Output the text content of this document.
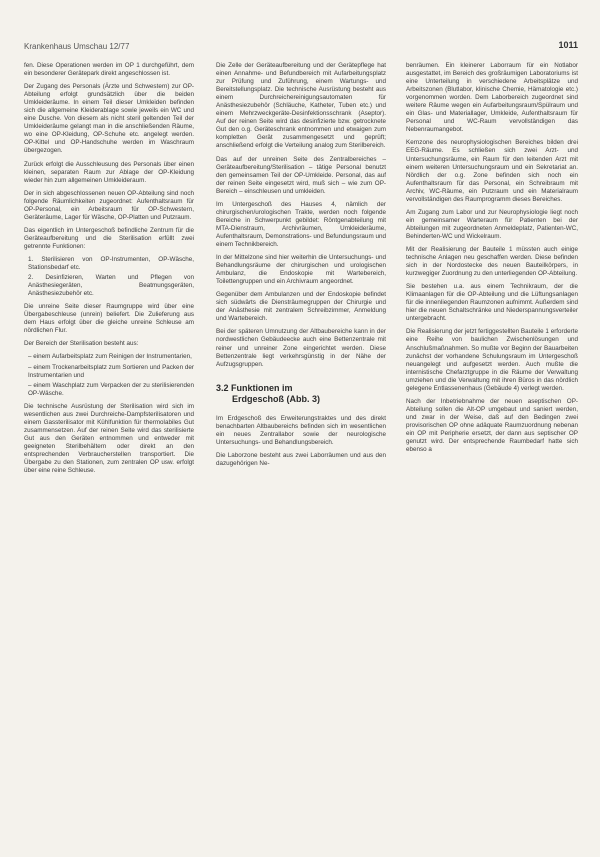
Krankenhaus Umschau 12/77	1011

fen. Diese Operationen werden im OP 1 durchgeführt, dem ein besonderer Gerätepark direkt angeschlossen ist.

Der Zugang des Personals (Ärzte und Schwestern) zur OP-Abteilung erfolgt grundsätzlich über die beiden Umkleideräume. In einem Teil dieser Umkleiden befinden sich die allgemeine Kleiderablage sowie jeweils ein WC und eine Dusche. Von diesem als nicht steril geltenden Teil der Umkleideräume gelangt man in die anschließenden Räume, wo eine OP-Kleidung, OP-Schuhe etc. angelegt werden. OP-Kittel und OP-Handschuhe werden im Waschraum übergezogen.

Zurück erfolgt die Ausschleusung des Personals über einen kleinen, separaten Raum zur Ablage der OP-Kleidung wieder hin zum allgemeinen Umkleideraum.

Der in sich abgeschlossenen neuen OP-Abteilung sind noch folgende Räumlichkeiten zugeordnet: Aufenthaltsraum für OP-Personal, ein Arbeitsraum für OP-Schwestern, Geräteräume, Lager für Wäsche, OP-Platten und Putzraum.

Das eigentlich im Untergeschoß befindliche Zentrum für die Geräteaufbereitung und die Sterilisation erfüllt zwei getrennte Funktionen:

1. Sterilisieren von OP-Instrumenten, OP-Wäsche, Stationsbedarf etc.
2. Desinfizieren, Warten und Pflegen von Anästhesiegeräten, Beatmungsgeräten, Anästhesiezubehör etc.

Die unreine Seite dieser Raumgruppe wird über eine Übergabeschleuse (unrein) beliefert. Die Zulieferung aus dem Haus erfolgt über die gleiche unreine Schleuse am nördlichen Flur.

Der Bereich der Sterilisation besteht aus:

– einem Aufarbeitsplatz zum Reinigen der Instrumentarien,
– einem Trockenarbeitsplatz zum Sortieren und Packen der Instrumentarien und
– einem Waschplatz zum Verpacken der zu sterilisierenden OP-Wäsche.

Die technische Ausrüstung der Sterilisation wird sich im wesentlichen aus zwei Durchreiche-Dampfsterilisatoren und einem Gassterilisator mit Kühlfunktion für thermolabiles Gut zusammensetzen. Auf der reinen Seite wird das sterilisierte Gut aus den Geräten entnommen und entweder mit geeigneten Sterilbehältern oder direkt an den entsprechenden Verbraucherstellen transportiert. Die Übergabe zu den Stationen, zum zentralen OP usw. erfolgt über eine reine Schleuse.

Die Zelle der Geräteaufbereitung und der Gerätepflege hat einen Annahme- und Befundbereich mit Aufarbeitungsplatz zur Prüfung und Zuführung, einem Wartungs- und Bereitstellungsplatz. Die technische Ausrüstung besteht aus einem Durchreichereinigungsautomaten für Anästhesiezubehör (Schläuche, Katheter, Tuben etc.) und einem Mehrzweckgeräte-Desinfektionsschrank (Aseptor). Auf der reinen Seite wird das desinfizierte bzw. getrocknete Gut den o.g. Geräteschrank entnommen und etwaigen zum kompletten Gerät zusammengesetzt und geprüft; anschließend erfolgt die Verteilung analog zum Sterilbereich.

Das auf der unreinen Seite des Zentralbereiches – Geräteaufbereitung/Sterilisation – tätige Personal benutzt den gemeinsamen Teil der OP-Umkleide. Personal, das auf der reinen Seite eingesetzt wird, muß sich – wie zum OP-Bereich – einschleusen und umkleiden.

Im Untergeschoß des Hauses 4, nämlich der chirurgischen/urologischen Trakte, werden noch folgende Bereiche in Schwerpunkt gebildet: Röntgenabteilung mit MTA-Dienstraum, Archivräumen, Umkleideräume, Aufenthaltsraum, Demonstrations- und Befundungsraum und einem Technikbereich.

In der Mittelzone sind hier weiterhin die Untersuchungs- und Behandlungsräume der chirurgischen und urologischen Ambulanz, die Endoskopie mit Wartebereich, Toilettengruppen und ein Archivraum angeordnet.

Gegenüber dem Ambulanzen und der Endoskopie befindet sich südwärts die Diensträumegruppen der Chirurgie und der Anästhesie mit zentralem Schreibzimmer, Anmeldung und Wartebereich.

Bei der späteren Umnutzung der Altbaubereiche kann in der nordwestlichen Gebäudeecke auch eine Bettenzentrale mit reiner und unreiner Zone eingerichtet werden. Diese Bettenzentrale liegt verkehrsgünstig in der Nähe der Aufzugsgruppen.

3.2 Funktionen im
Erdgeschoß (Abb. 3)

Im Erdgeschoß des Erweiterungstraktes und des direkt benachbarten Altbaubereichs befinden sich im wesentlichen ein neues Zentrallabor sowie der neurologische Untersuchungs- und Behandlungsbereich.

Die Laborzone besteht aus zwei Laborräumen und aus den dazugehörigen Ne-

benräumen. Ein kleinerer Laborraum für ein Notlabor ausgestattet, im Bereich des großräumigen Laboratoriums ist eine Unterteilung in verschiedene Arbeitsplätze und Arbeitszonen (Blutlabor, klinische Chemie, Hämatologie etc.) vorgenommen worden. Dem Laborbereich zugeordnet sind weitere Räume wegen ein Aufarbeitungsraum/Spülraum und ein Glas- und Materiallager, Umkleide, Aufenthaltsraum für Personal und WC-Raum vervollständigen das Nebenraumangebot.

Kernzone des neurophysiologischen Bereiches bilden drei EEG-Räume. Es schließen sich zwei Arzt- und Untersuchungsräume, ein Raum für den leitenden Arzt mit einem weiteren Untersuchungsraum und ein Sekretariat an. Nördlich der o.g. Zone befinden sich noch ein Aufenthaltsraum für das Personal, ein Schreibraum mit Archiv, WC-Räume, ein Putzraum und ein Materialraum vervollständigen des Raumprogramm dieses Bereiches.

Am Zugang zum Labor und zur Neurophysiologie liegt noch ein gemeinsamer Warteraum für Patienten bei der Abteilungen mit zugeordneten Anmeldeplatz, Patienten-WC, Behinderten-WC und Wickelraum.

Mit der Realisierung der Bauteile 1 müssten auch einige technische Anlagen neu geschaffen werden. Diese befinden sich in der Nordostecke des neuen Bauteilkörpers, in kurzwegiger Zuordnung zu den unterliegenden OP-Abteilung.

Sie bestehen u.a. aus einem Technikraum, der die Klimaanlagen für die OP-Abteilung und die Lüftungsanlagen für die innenliegenden Raumzonen aufnimmt. Außerdem sind hier die neuen Schaltschränke und Niederspannungsverteiler untergebracht.

Die Realisierung der jetzt fertiggestellten Bauteile 1 erforderte eine Reihe von baulichen Zwischenlösungen und Anschlußmaßnahmen. So mußte vor Beginn der Bauarbeiten zunächst der vorhandene Schulungsraum im Untergeschoß neuangelegt und aufgesetzt werden. Auch mußte die internistische Chefarztgruppe in die Räume der Verwaltung umziehen und die Verwaltung mit ihren Büros in das nördlich gelegene Entlassenenhaus (Gebäude 4) verlegt werden.

Nach der Inbetriebnahme der neuen aseptischen OP-Abteilung sollen die Alt-OP umgebaut und saniert werden, und zwar in der Weise, daß auf den Bedingen zwei provisorischen OP ohne adäquate Raumzuordnung nebenan ein OP mit Peripherie ersetzt, der dann aus septischer OP genutzt wird. Der entsprechende Raumbedarf hatte sich ebenso a
